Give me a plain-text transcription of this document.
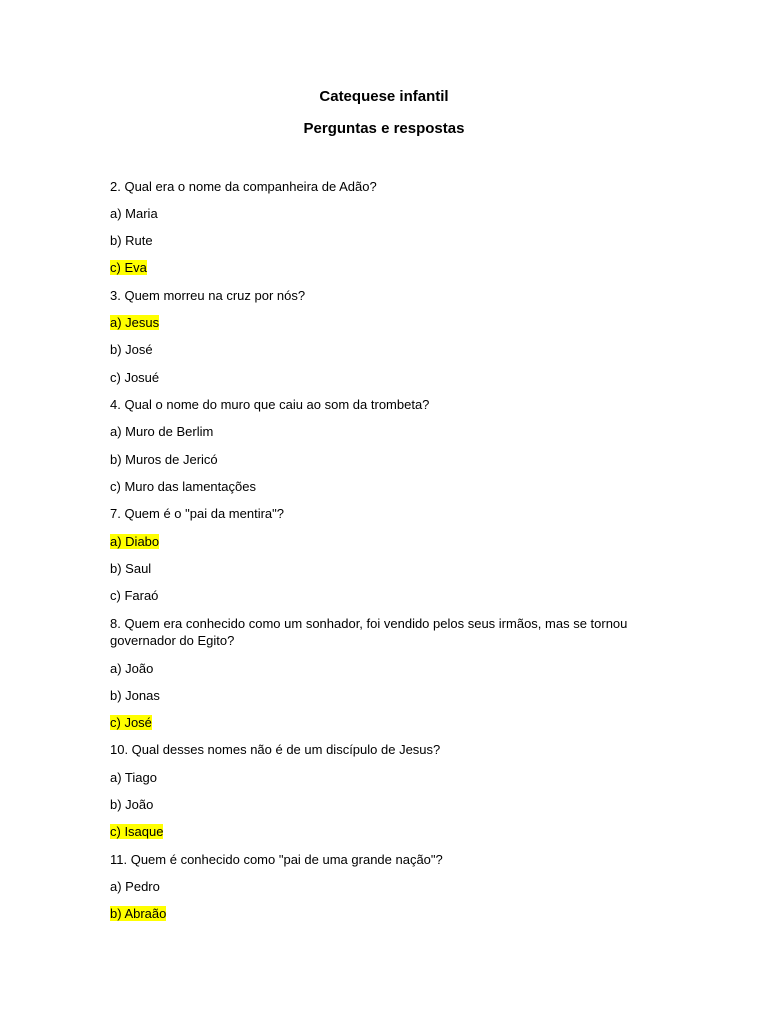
Catequese infantil
Perguntas e respostas
2. Qual era o nome da companheira de Adão?
a) Maria
b) Rute
c) Eva
3. Quem morreu na cruz por nós?
a) Jesus
b) José
c) Josué
4. Qual o nome do muro que caiu ao som da trombeta?
a) Muro de Berlim
b) Muros de Jericó
c) Muro das lamentações
7. Quem é o "pai da mentira"?
a) Diabo
b) Saul
c) Faraó
8. Quem era conhecido como um sonhador, foi vendido pelos seus irmãos, mas se tornou governador do Egito?
a) João
b) Jonas
c) José
10. Qual desses nomes não é de um discípulo de Jesus?
a) Tiago
b) João
c) Isaque
11. Quem é conhecido como "pai de uma grande nação"?
a) Pedro
b) Abraão
